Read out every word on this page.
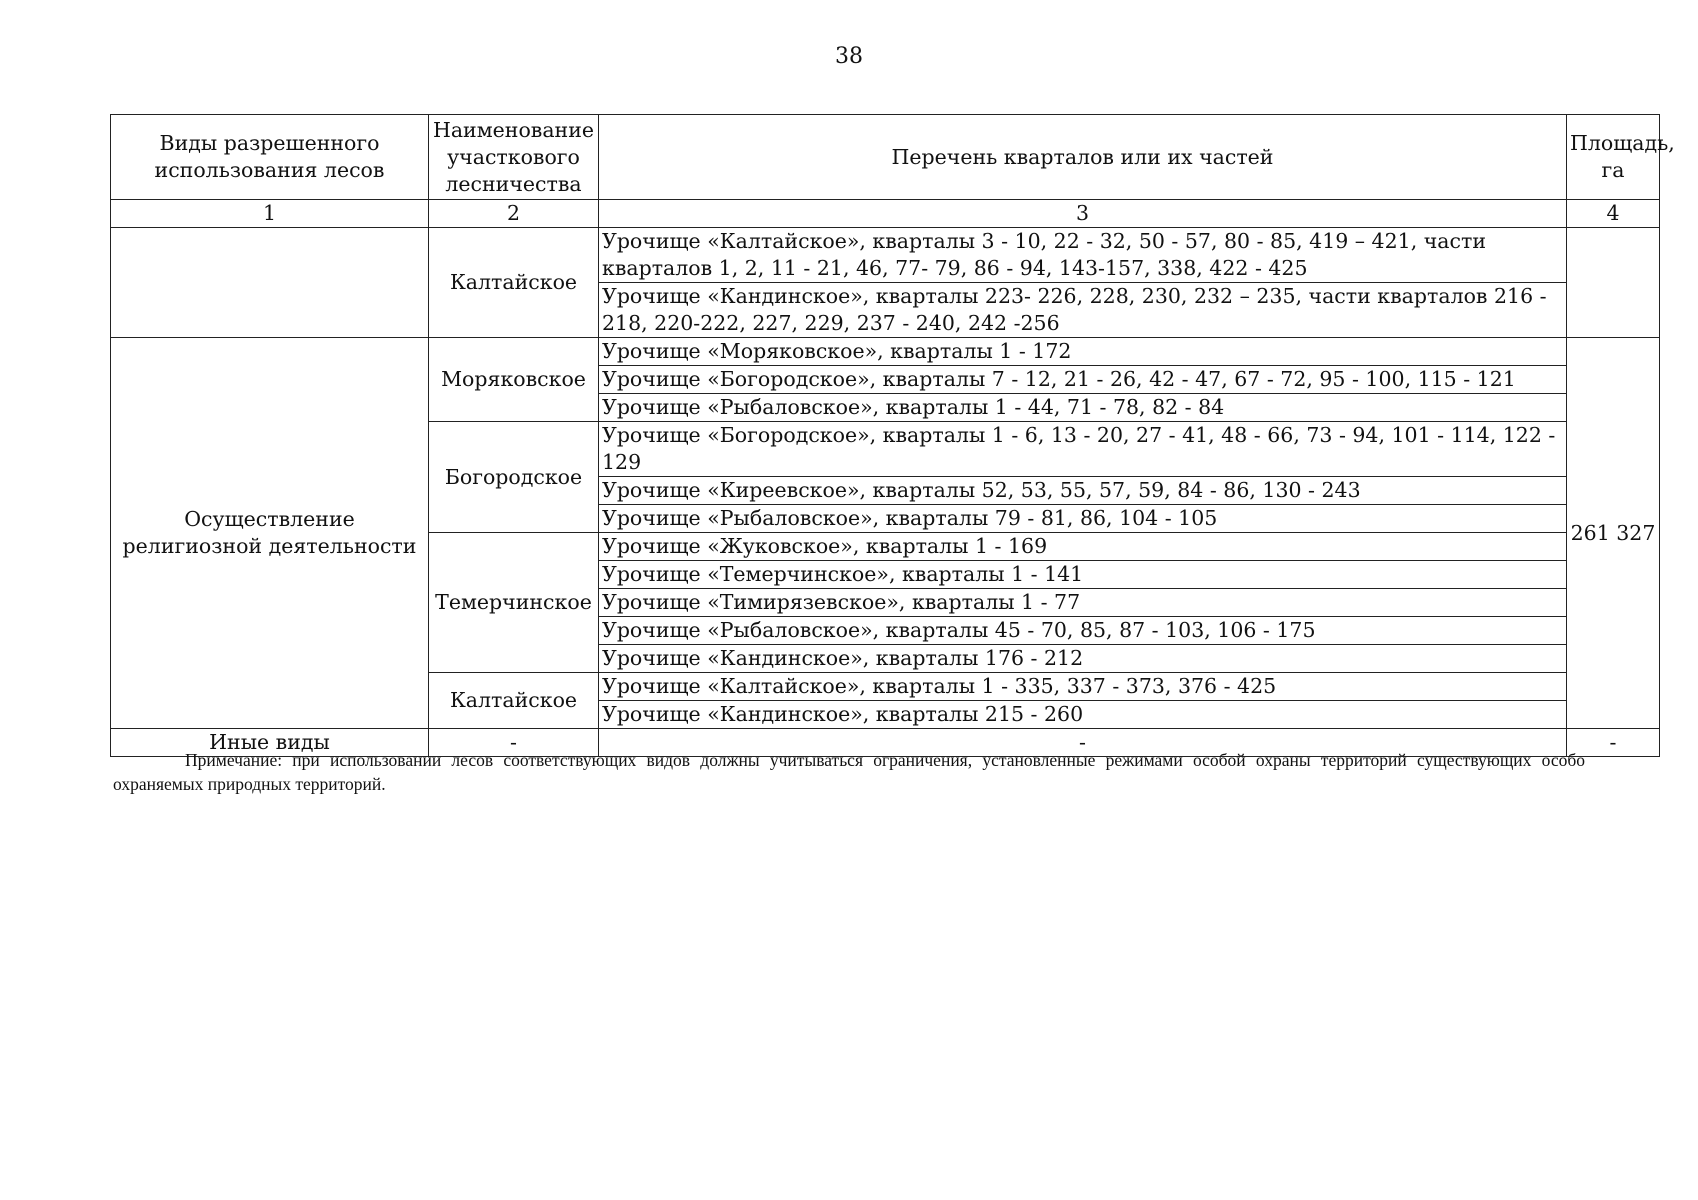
38
Виды разрешенного использования лесов	Наименование участкового лесничества	Перечень кварталов или их частей	Площадь, га
1	2	3	4
	Калтайское	Урочище «Калтайское», кварталы 3 - 10, 22 - 32, 50 - 57, 80 - 85, 419 – 421, части кварталов 1, 2, 11 - 21, 46, 77- 79, 86 - 94, 143-157, 338, 422 - 425	
		Урочище «Кандинское», кварталы 223- 226, 228, 230, 232 – 235, части кварталов 216 - 218, 220-222, 227, 229, 237 - 240, 242 -256	
Осуществление религиозной деятельности	Моряковское	Урочище «Моряковское», кварталы 1 - 172	261 327
		Урочище «Богородское», кварталы 7 - 12, 21 - 26, 42 - 47, 67 - 72, 95 - 100, 115 - 121	
		Урочище «Рыбаловское», кварталы 1 - 44, 71 - 78, 82 - 84	
	Богородское	Урочище «Богородское», кварталы 1 - 6, 13 - 20, 27 - 41, 48 - 66, 73 - 94, 101 - 114, 122 - 129	
		Урочище «Киреевское», кварталы 52, 53, 55, 57, 59, 84 - 86, 130 - 243	
		Урочище «Рыбаловское», кварталы 79 - 81, 86, 104 - 105	
	Темерчинское	Урочище «Жуковское», кварталы 1 - 169	
		Урочище «Темерчинское», кварталы 1 - 141	
		Урочище «Тимирязевское», кварталы 1 - 77	
		Урочище «Рыбаловское», кварталы 45 - 70, 85, 87 - 103, 106 - 175	
		Урочище «Кандинское», кварталы 176 - 212	
	Калтайское	Урочище «Калтайское», кварталы 1 - 335, 337 - 373, 376 - 425	
		Урочище «Кандинское», кварталы 215 - 260	
Иные виды	-	-	-
Примечание: при использовании лесов соответствующих видов должны учитываться ограничения, установленные режимами особой охраны территорий существующих особо охраняемых природных территорий.
